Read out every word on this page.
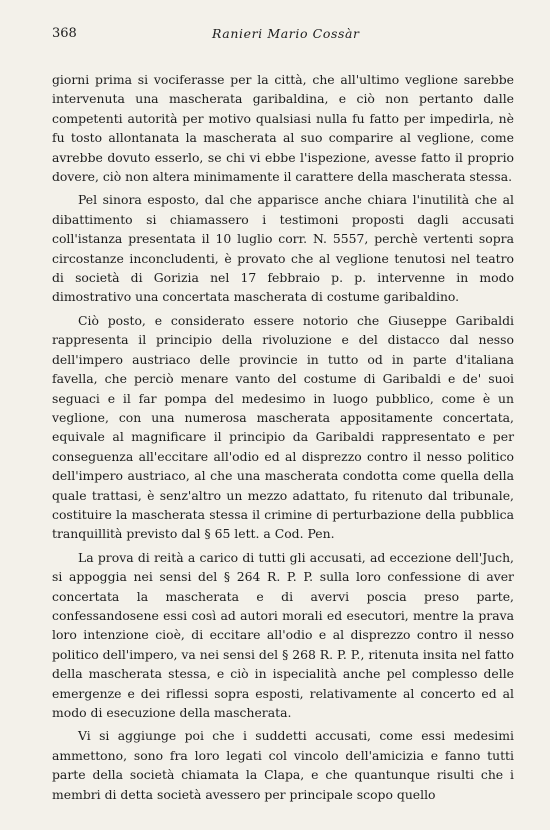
368	Ranieri Mario Cossàr

giorni prima si vociferasse per la città, che all'ultimo veglione sarebbe intervenuta una mascherata garibaldina, e ciò non pertanto dalle competenti autorità per motivo qualsiasi nulla fu fatto per impedirla, nè fu tosto allontanata la mascherata al suo comparire al veglione, come avrebbe dovuto esserlo, se chi vi ebbe l'ispezione, avesse fatto il proprio dovere, ciò non altera minimamente il carattere della mascherata stessa.

Pel sinora esposto, dal che apparisce anche chiara l'inutilità che al dibattimento si chiamassero i testimoni proposti dagli accusati coll'istanza presentata il 10 luglio corr. N. 5557, perchè vertenti sopra circostanze inconcludenti, è provato che al veglione tenutosi nel teatro di società di Gorizia nel 17 febbraio p. p. intervenne in modo dimostrativo una concertata mascherata di costume garibaldino.

Ciò posto, e considerato essere notorio che Giuseppe Garibaldi rappresenta il principio della rivoluzione e del distacco dal nesso dell'impero austriaco delle provincie in tutto od in parte d'italiana favella, che perciò menare vanto del costume di Garibaldi e de' suoi seguaci e il far pompa del medesimo in luogo pubblico, come è un veglione, con una numerosa mascherata appositamente concertata, equivale al magnificare il principio da Garibaldi rappresentato e per conseguenza all'eccitare all'odio ed al disprezzo contro il nesso politico dell'impero austriaco, al che una mascherata condotta come quella della quale trattasi, è senz'altro un mezzo adattato, fu ritenuto dal tribunale, costituire la mascherata stessa il crimine di perturbazione della pubblica tranquillità previsto dal § 65 lett. a Cod. Pen.

La prova di reità a carico di tutti gli accusati, ad eccezione dell'Juch, si appoggia nei sensi del § 264 R. P. P. sulla loro confessione di aver concertata la mascherata e di avervi poscia preso parte, confessandosene essi così ad autori morali ed esecutori, mentre la prava loro intenzione cioè, di eccitare all'odio e al disprezzo contro il nesso politico dell'impero, va nei sensi del § 268 R. P. P., ritenuta insita nel fatto della mascherata stessa, e ciò in ispecialità anche pel complesso delle emergenze e dei riflessi sopra esposti, relativamente al concerto ed al modo di esecuzione della mascherata.

Vi si aggiunge poi che i suddetti accusati, come essi medesimi ammettono, sono fra loro legati col vincolo dell'amicizia e fanno tutti parte della società chiamata la Clapa, e che quantunque risulti che i membri di detta società avessero per principale scopo quello
